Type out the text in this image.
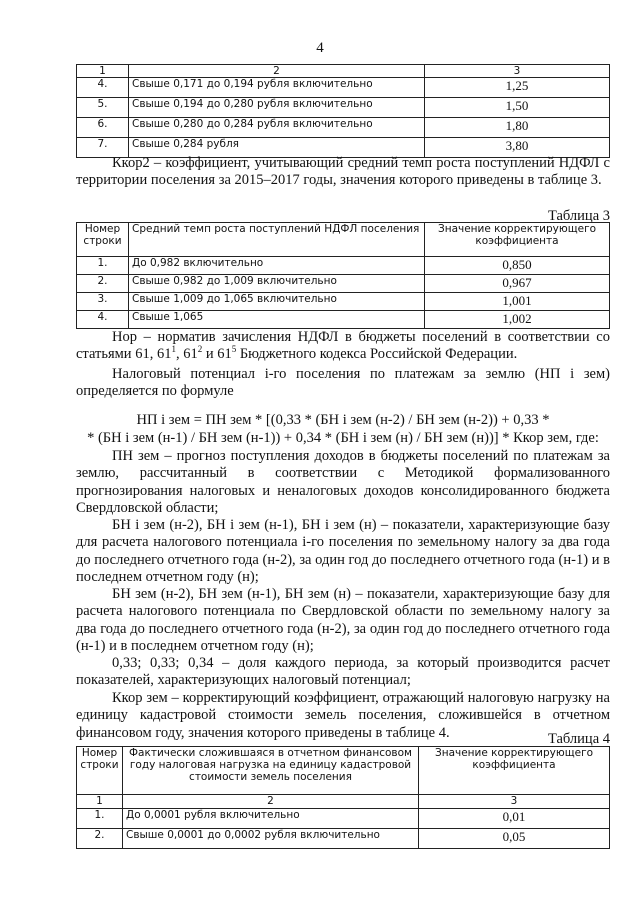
4
1	2	3
4.	Свыше 0,171 до 0,194 рубля включительно	1,25
5.	Свыше 0,194 до 0,280 рубля включительно	1,50
6.	Свыше 0,280 до 0,284 рубля включительно	1,80
7.	Свыше 0,284 рубля	3,80
Ккор2 – коэффициент, учитывающий средний темп роста поступлений НДФЛ с территории поселения за 2015–2017 годы, значения которого приведены в таблице 3.
Таблица 3
Номер строки	Средний темп роста поступлений НДФЛ поселения	Значение корректирующего коэффициента
1.	До 0,982 включительно	0,850
2.	Свыше 0,982 до 1,009 включительно	0,967
3.	Свыше 1,009 до 1,065 включительно	1,001
4.	Свыше 1,065	1,002
Нор – норматив зачисления НДФЛ в бюджеты поселений в соответствии со статьями 61, $61^1$, $61^2$ и $61^5$ Бюджетного кодекса Российской Федерации.
Налоговый потенциал i-го поселения по платежам за землю (НП i зем) определяется по формуле
НП i зем = ПН зем * [(0,33 * (БН i зем (н-2) / БН зем (н-2)) + 0,33 *
* (БН i зем (н-1) / БН зем (н-1)) + 0,34 * (БН i зем (н) / БН зем (н))] * Ккор зем, где:
ПН зем – прогноз поступления доходов в бюджеты поселений по платежам за землю, рассчитанный в соответствии с Методикой формализованного прогнозирования налоговых и неналоговых доходов консолидированного бюджета Свердловской области;
БН i зем (н-2), БН i зем (н-1), БН i зем (н) – показатели, характеризующие базу для расчета налогового потенциала i-го поселения по земельному налогу за два года до последнего отчетного года (н-2), за один год до последнего отчетного года (н-1) и в последнем отчетном году (н);
БН зем (н-2), БН зем (н-1), БН зем (н) – показатели, характеризующие базу для расчета налогового потенциала по Свердловской области по земельному налогу за два года до последнего отчетного года (н-2), за один год до последнего отчетного года (н-1) и в последнем отчетном году (н);
0,33; 0,33; 0,34 – доля каждого периода, за который производится расчет показателей, характеризующих налоговый потенциал;
Ккор зем – корректирующий коэффициент, отражающий налоговую нагрузку на единицу кадастровой стоимости земель поселения, сложившейся в отчетном финансовом году, значения которого приведены в таблице 4.	Таблица 4
Номер строки	Фактически сложившаяся в отчетном финансовом году налоговая нагрузка на единицу кадастровой стоимости земель поселения	Значение корректирующего коэффициента
1	2	3
1.	До 0,0001 рубля включительно	0,01
2.	Свыше 0,0001 до 0,0002 рубля включительно	0,05
